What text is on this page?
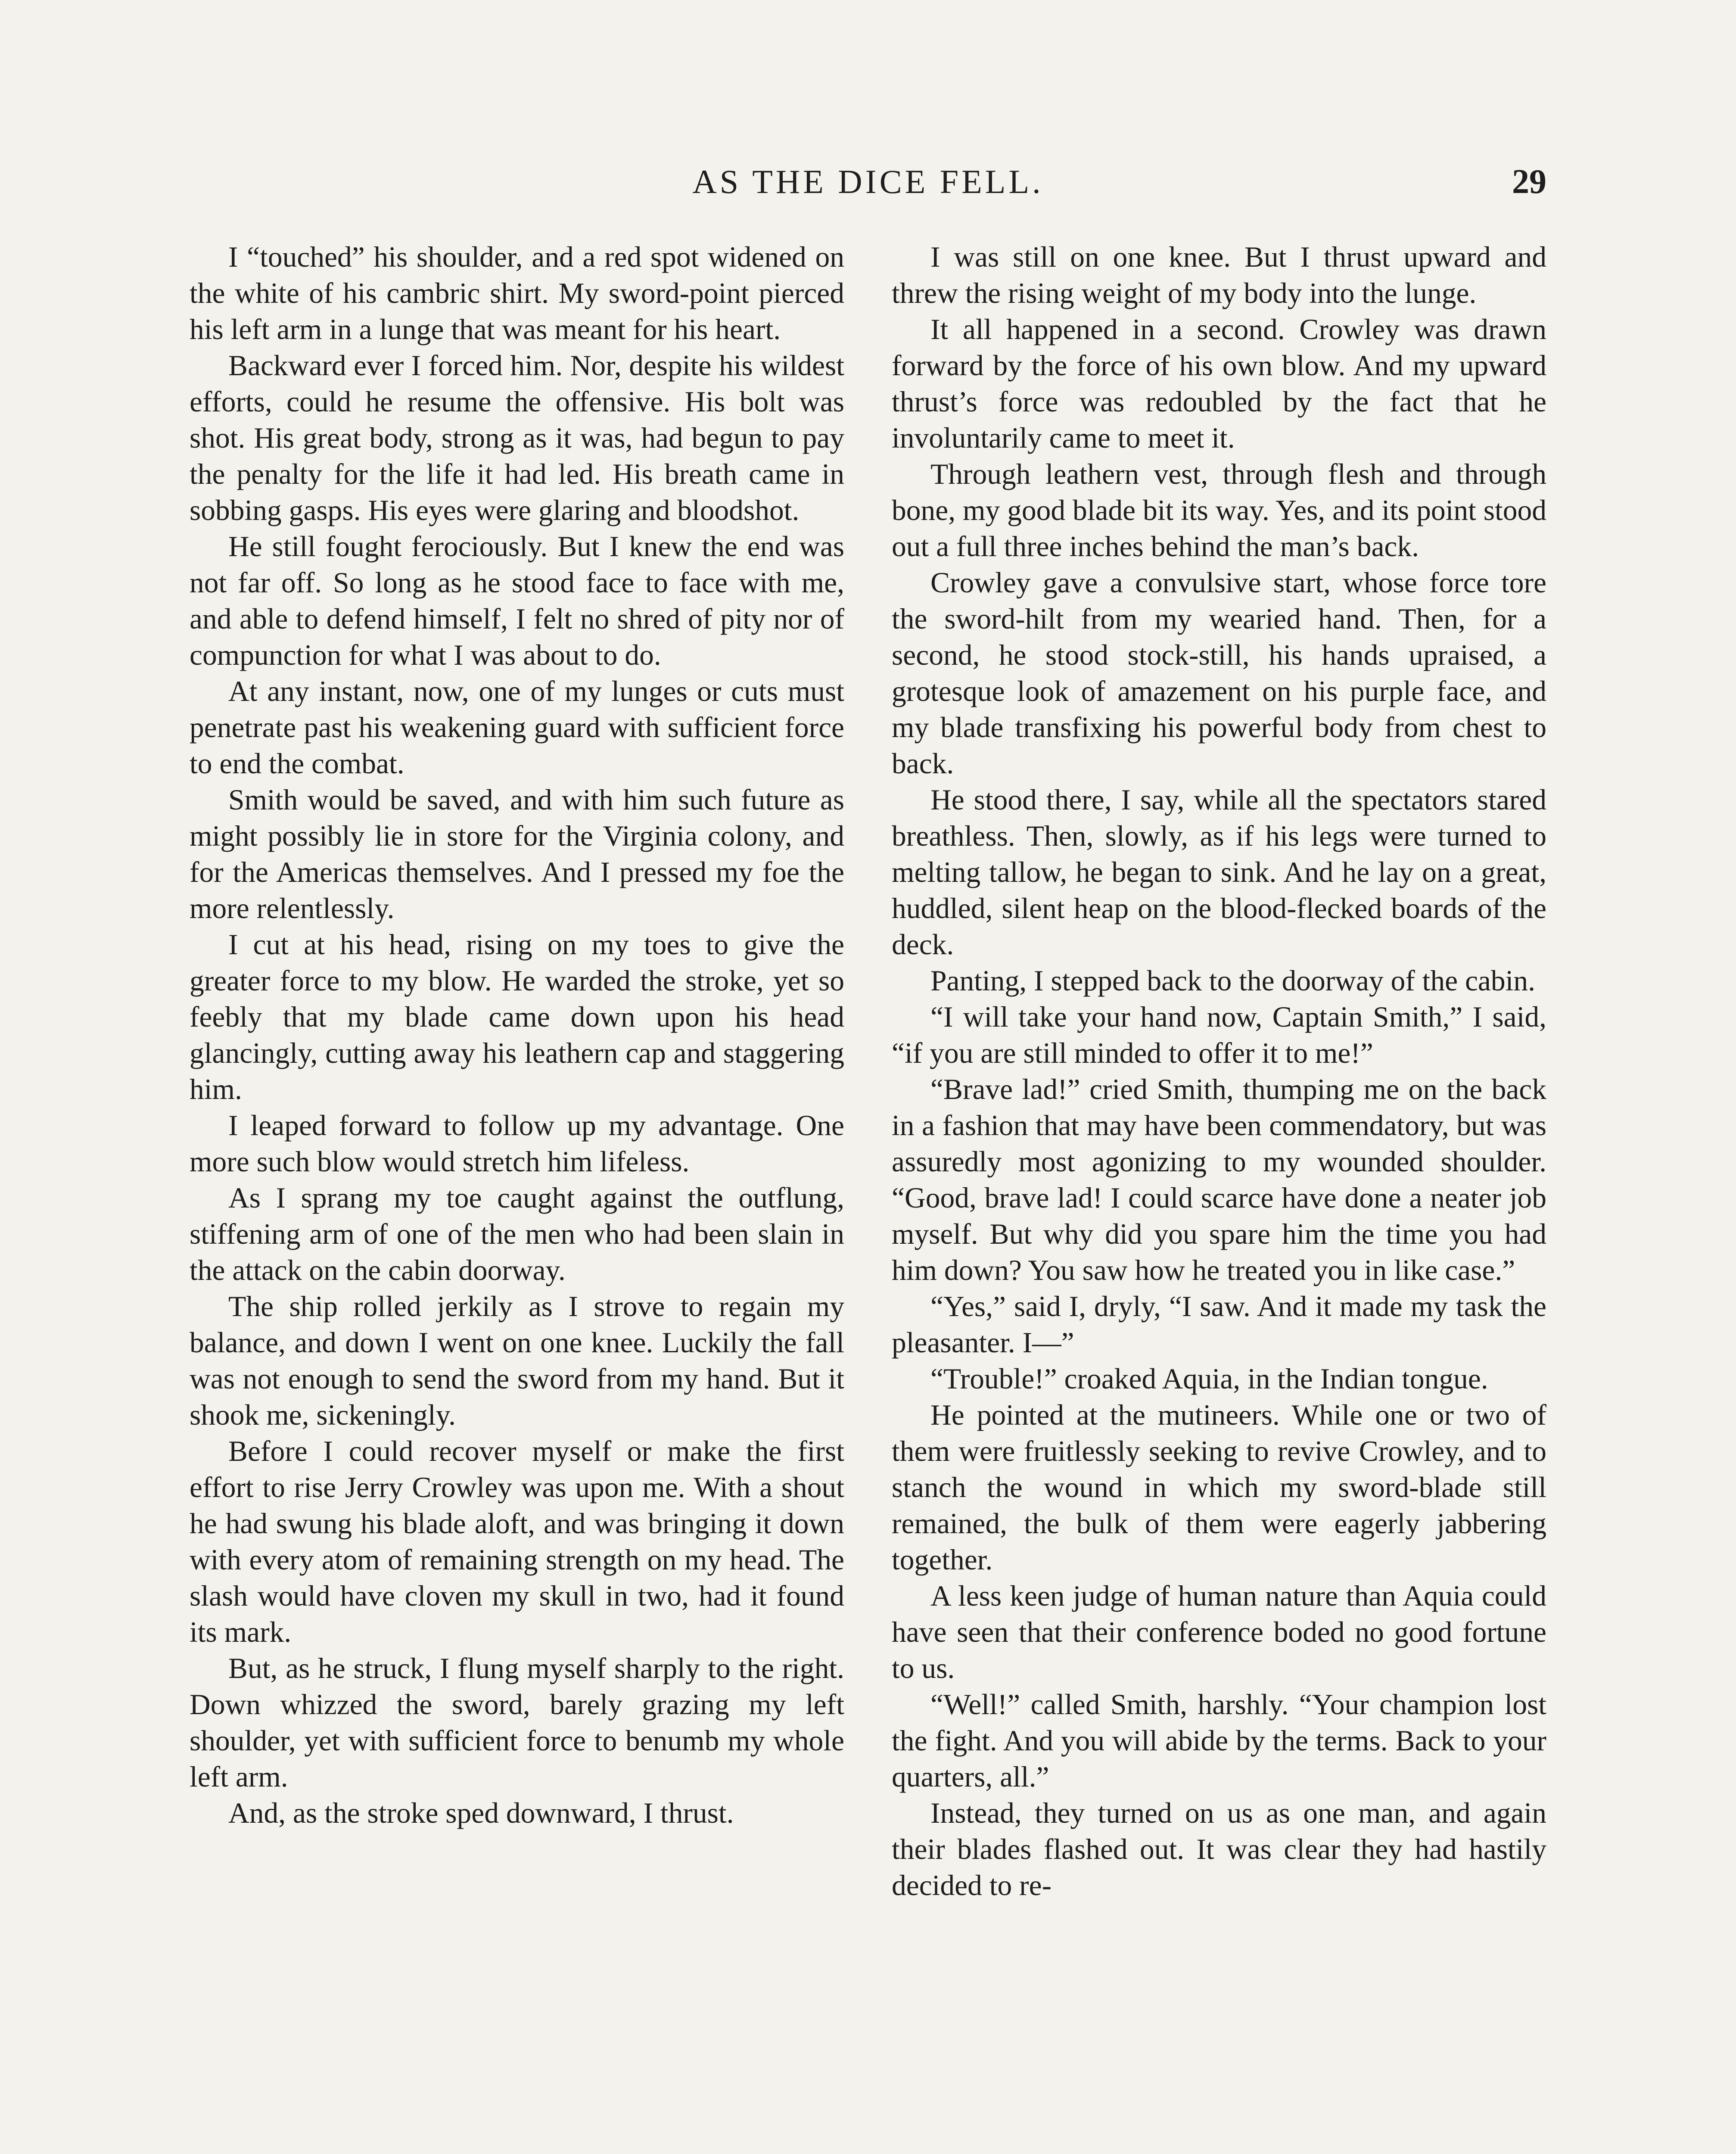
AS THE DICE FELL.	29

I “touched” his shoulder, and a red spot widened on the white of his cambric shirt. My sword-point pierced his left arm in a lunge that was meant for his heart.

Backward ever I forced him. Nor, despite his wildest efforts, could he resume the offensive. His bolt was shot. His great body, strong as it was, had begun to pay the penalty for the life it had led. His breath came in sobbing gasps. His eyes were glaring and bloodshot.

He still fought ferociously. But I knew the end was not far off. So long as he stood face to face with me, and able to defend himself, I felt no shred of pity nor of compunction for what I was about to do.

At any instant, now, one of my lunges or cuts must penetrate past his weakening guard with sufficient force to end the combat.

Smith would be saved, and with him such future as might possibly lie in store for the Virginia colony, and for the Americas themselves. And I pressed my foe the more relentlessly.

I cut at his head, rising on my toes to give the greater force to my blow. He warded the stroke, yet so feebly that my blade came down upon his head glancingly, cutting away his leathern cap and staggering him.

I leaped forward to follow up my advantage. One more such blow would stretch him lifeless.

As I sprang my toe caught against the outflung, stiffening arm of one of the men who had been slain in the attack on the cabin doorway.

The ship rolled jerkily as I strove to regain my balance, and down I went on one knee. Luckily the fall was not enough to send the sword from my hand. But it shook me, sickeningly.

Before I could recover myself or make the first effort to rise Jerry Crowley was upon me. With a shout he had swung his blade aloft, and was bringing it down with every atom of remaining strength on my head. The slash would have cloven my skull in two, had it found its mark.

But, as he struck, I flung myself sharply to the right. Down whizzed the sword, barely grazing my left shoulder, yet with sufficient force to benumb my whole left arm.

And, as the stroke sped downward, I thrust.

I was still on one knee. But I thrust upward and threw the rising weight of my body into the lunge.

It all happened in a second. Crowley was drawn forward by the force of his own blow. And my upward thrust’s force was redoubled by the fact that he involuntarily came to meet it.

Through leathern vest, through flesh and through bone, my good blade bit its way. Yes, and its point stood out a full three inches behind the man’s back.

Crowley gave a convulsive start, whose force tore the sword-hilt from my wearied hand. Then, for a second, he stood stock-still, his hands upraised, a grotesque look of amazement on his purple face, and my blade transfixing his powerful body from chest to back.

He stood there, I say, while all the spectators stared breathless. Then, slowly, as if his legs were turned to melting tallow, he began to sink. And he lay on a great, huddled, silent heap on the blood-flecked boards of the deck.

Panting, I stepped back to the doorway of the cabin.

“I will take your hand now, Captain Smith,” I said, “if you are still minded to offer it to me!”

“Brave lad!” cried Smith, thumping me on the back in a fashion that may have been commendatory, but was assuredly most agonizing to my wounded shoulder. “Good, brave lad! I could scarce have done a neater job myself. But why did you spare him the time you had him down? You saw how he treated you in like case.”

“Yes,” said I, dryly, “I saw. And it made my task the pleasanter. I—”

“Trouble!” croaked Aquia, in the Indian tongue.

He pointed at the mutineers. While one or two of them were fruitlessly seeking to revive Crowley, and to stanch the wound in which my sword-blade still remained, the bulk of them were eagerly jabbering together.

A less keen judge of human nature than Aquia could have seen that their conference boded no good fortune to us.

“Well!” called Smith, harshly. “Your champion lost the fight. And you will abide by the terms. Back to your quarters, all.”

Instead, they turned on us as one man, and again their blades flashed out. It was clear they had hastily decided to re-
